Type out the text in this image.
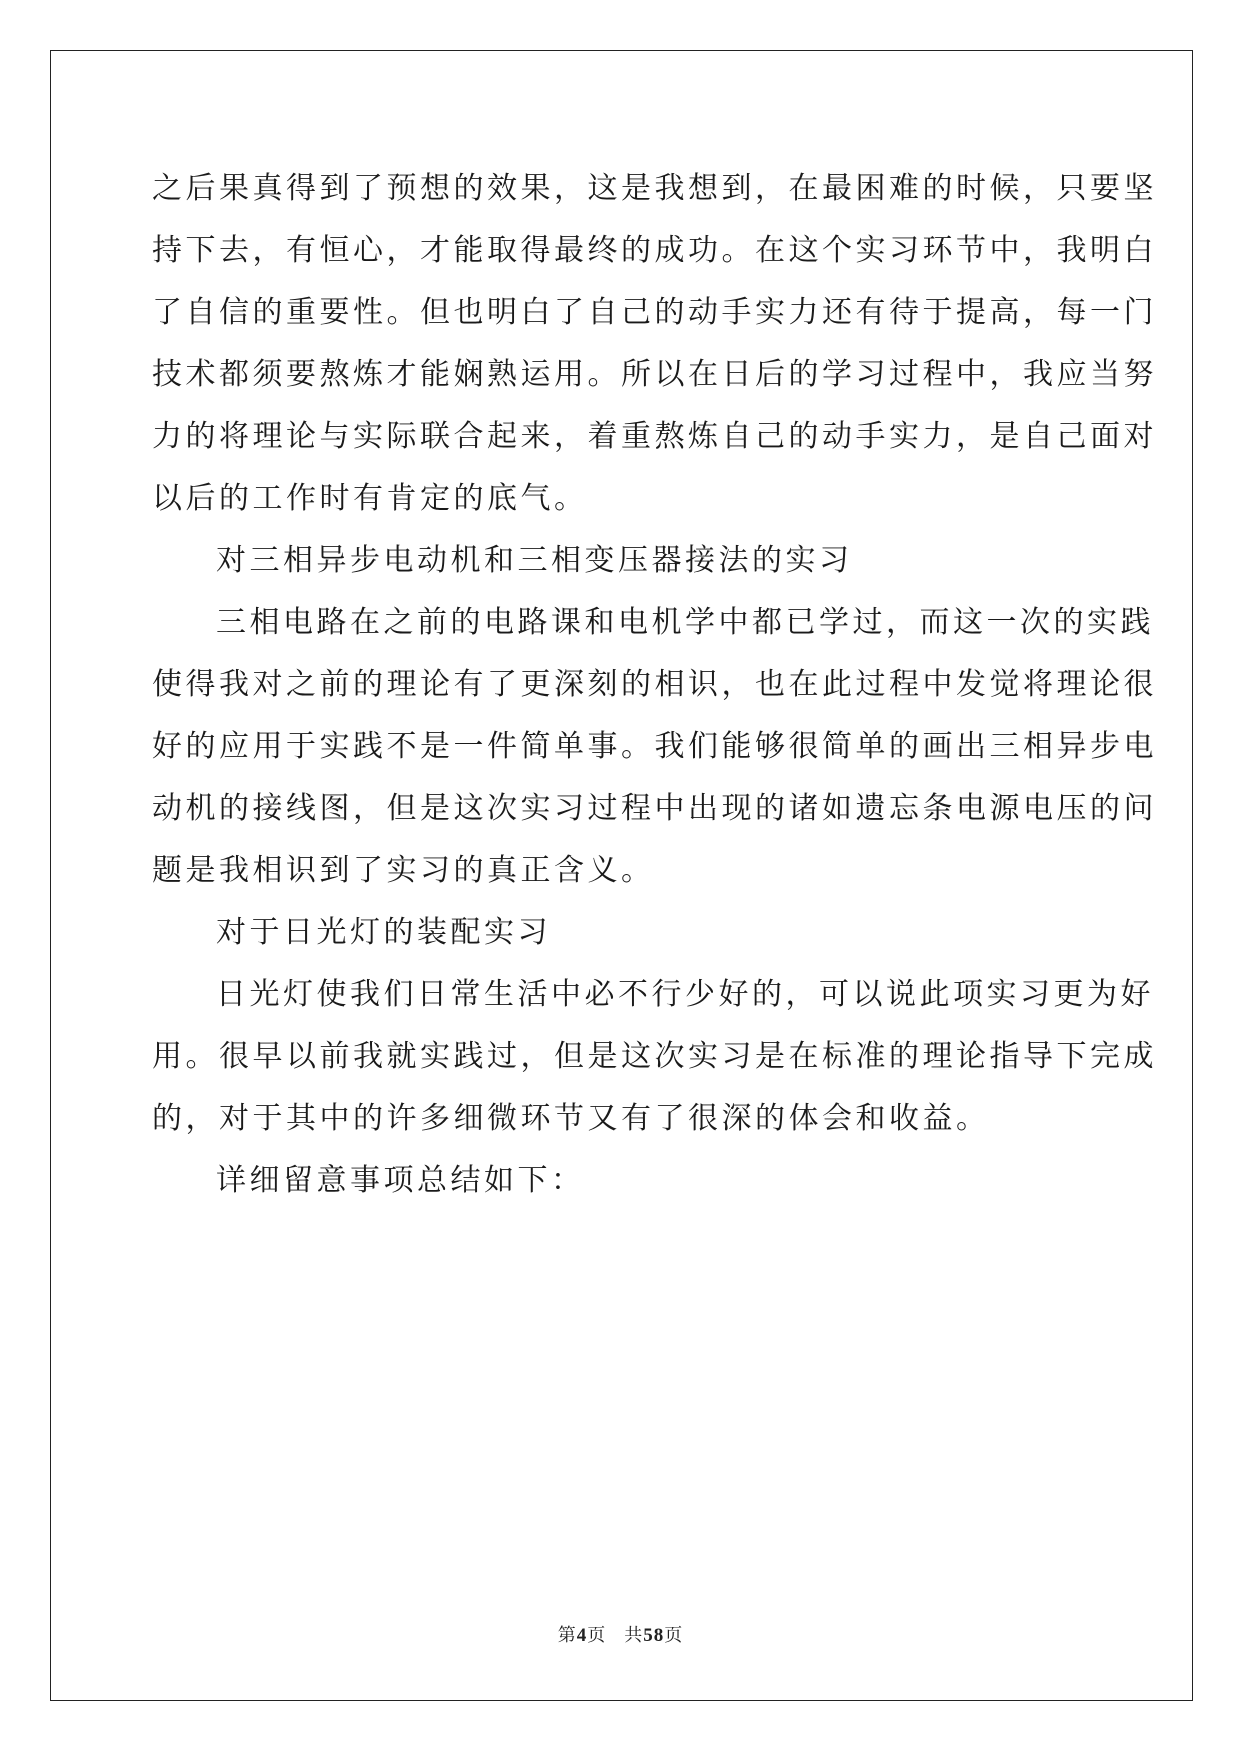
之后果真得到了预想的效果，这是我想到，在最困难的时候，只要坚
持下去，有恒心，才能取得最终的成功。在这个实习环节中，我明白
了自信的重要性。但也明白了自己的动手实力还有待于提高，每一门
技术都须要熬炼才能娴熟运用。所以在日后的学习过程中，我应当努
力的将理论与实际联合起来，着重熬炼自己的动手实力，是自己面对
以后的工作时有肯定的底气。
对三相异步电动机和三相变压器接法的实习
三相电路在之前的电路课和电机学中都已学过，而这一次的实践
使得我对之前的理论有了更深刻的相识，也在此过程中发觉将理论很
好的应用于实践不是一件简单事。我们能够很简单的画出三相异步电
动机的接线图，但是这次实习过程中出现的诸如遗忘条电源电压的问
题是我相识到了实习的真正含义。
对于日光灯的装配实习
日光灯使我们日常生活中必不行少好的，可以说此项实习更为好
用。很早以前我就实践过，但是这次实习是在标准的理论指导下完成
的，对于其中的许多细微环节又有了很深的体会和收益。
详细留意事项总结如下：
第4页 共58页
